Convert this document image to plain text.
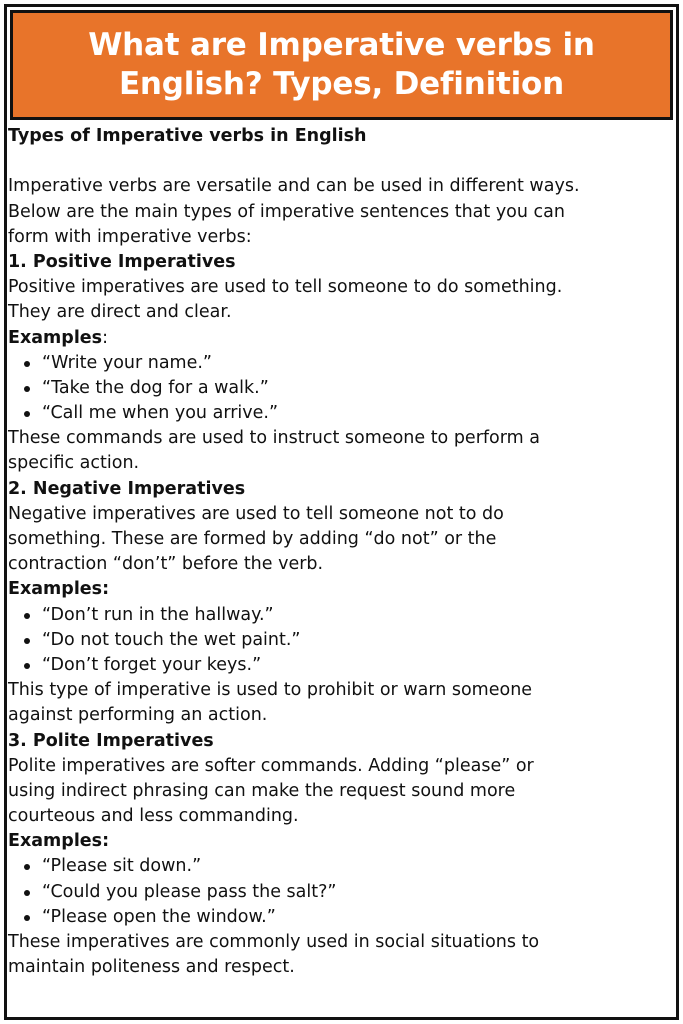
What are Imperative verbs in
English? Types, Definition
Types of Imperative verbs in English
Imperative verbs are versatile and can be used in different ways.
Below are the main types of imperative sentences that you can
form with imperative verbs:
1. Positive Imperatives
Positive imperatives are used to tell someone to do something.
They are direct and clear.
Examples:
“Write your name.”
“Take the dog for a walk.”
“Call me when you arrive.”
These commands are used to instruct someone to perform a
specific action.
2. Negative Imperatives
Negative imperatives are used to tell someone not to do
something. These are formed by adding “do not” or the
contraction “don’t” before the verb.
Examples:
“Don’t run in the hallway.”
“Do not touch the wet paint.”
“Don’t forget your keys.”
This type of imperative is used to prohibit or warn someone
against performing an action.
3. Polite Imperatives
Polite imperatives are softer commands. Adding “please” or
using indirect phrasing can make the request sound more
courteous and less commanding.
Examples:
“Please sit down.”
“Could you please pass the salt?”
“Please open the window.”
These imperatives are commonly used in social situations to
maintain politeness and respect.
